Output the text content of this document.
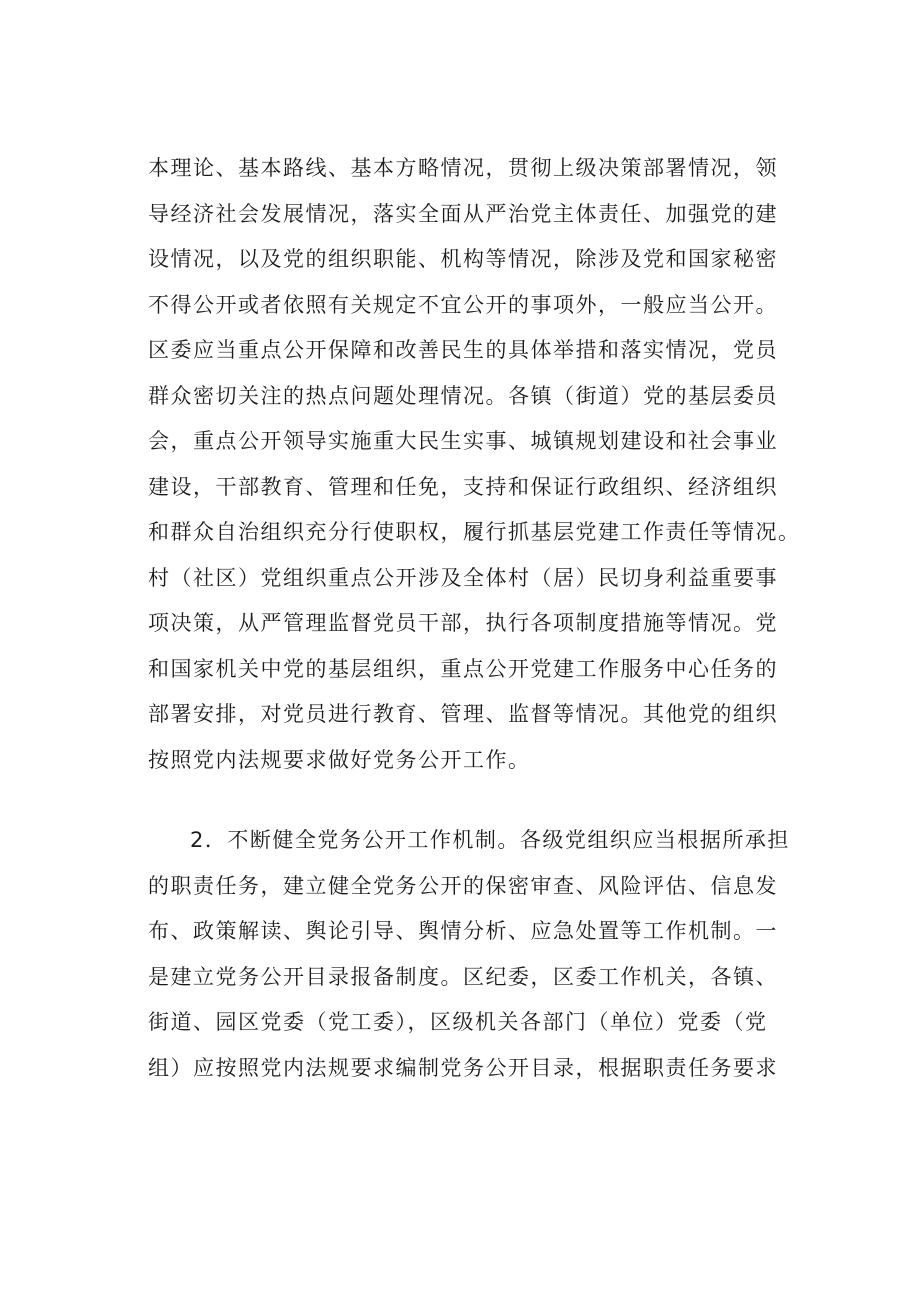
本理论、基本路线、基本方略情况，贯彻上级决策部署情况，领
导经济社会发展情况，落实全面从严治党主体责任、加强党的建
设情况，以及党的组织职能、机构等情况，除涉及党和国家秘密
不得公开或者依照有关规定不宜公开的事项外，一般应当公开。
区委应当重点公开保障和改善民生的具体举措和落实情况，党员
群众密切关注的热点问题处理情况。各镇（街道）党的基层委员
会，重点公开领导实施重大民生实事、城镇规划建设和社会事业
建设，干部教育、管理和任免，支持和保证行政组织、经济组织
和群众自治组织充分行使职权，履行抓基层党建工作责任等情况。
村（社区）党组织重点公开涉及全体村（居）民切身利益重要事
项决策，从严管理监督党员干部，执行各项制度措施等情况。党
和国家机关中党的基层组织，重点公开党建工作服务中心任务的
部署安排，对党员进行教育、管理、监督等情况。其他党的组织
按照党内法规要求做好党务公开工作。
2．不断健全党务公开工作机制。各级党组织应当根据所承担
的职责任务，建立健全党务公开的保密审查、风险评估、信息发
布、政策解读、舆论引导、舆情分析、应急处置等工作机制。一
是建立党务公开目录报备制度。区纪委，区委工作机关，各镇、
街道、园区党委（党工委），区级机关各部门（单位）党委（党
组）应按照党内法规要求编制党务公开目录，根据职责任务要求
